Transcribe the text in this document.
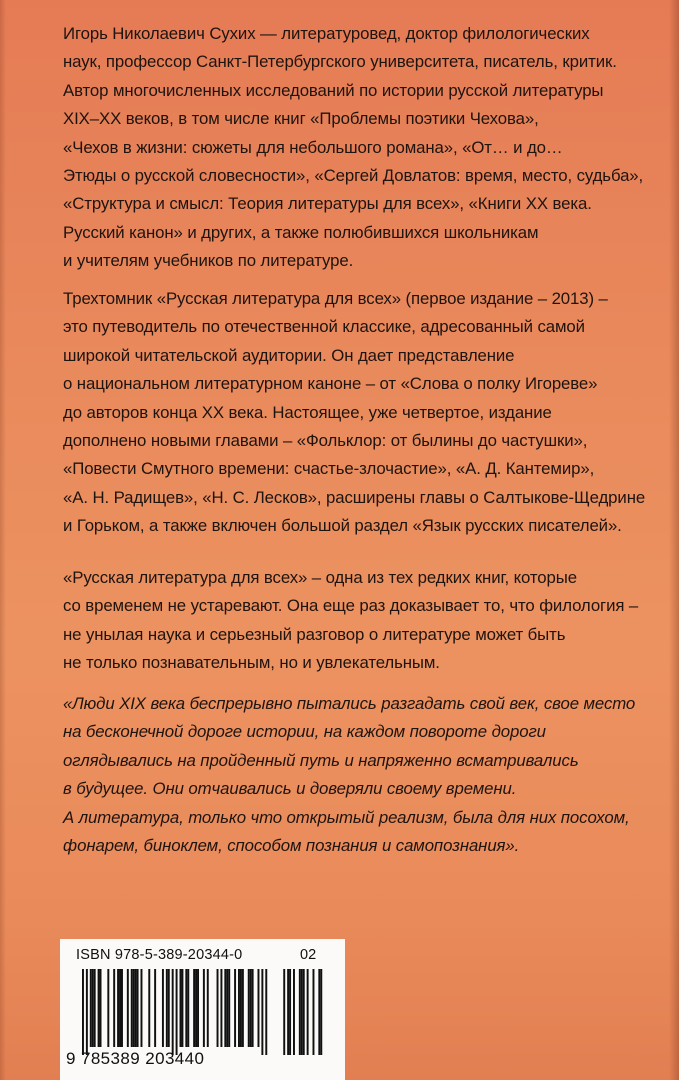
Игорь Николаевич Сухих — литературовед, доктор филологических
наук, профессор Санкт-Петербургского университета, писатель, критик.
Автор многочисленных исследований по истории русской литературы
XIX–XX веков, в том числе книг «Проблемы поэтики Чехова»,
«Чехов в жизни: сюжеты для небольшого романа», «От… и до…
Этюды о русской словесности», «Сергей Довлатов: время, место, судьба»,
«Структура и смысл: Теория литературы для всех», «Книги XX века.
Русский канон» и других, а также полюбившихся школьникам
и учителям учебников по литературе.

Трехтомник «Русская литература для всех» (первое издание – 2013) –
это путеводитель по отечественной классике, адресованный самой
широкой читательской аудитории. Он дает представление
о национальном литературном каноне – от «Слова о полку Игореве»
до авторов конца XX века. Настоящее, уже четвертое, издание
дополнено новыми главами – «Фольклор: от былины до частушки»,
«Повести Смутного времени: счастье-злочастие», «А. Д. Кантемир»,
«А. Н. Радищев», «Н. С. Лесков», расширены главы о Салтыкове-Щедрине
и Горьком, а также включен большой раздел «Язык русских писателей».

«Русская литература для всех» – одна из тех редких книг, которые
со временем не устаревают. Она еще раз доказывает то, что филология –
не унылая наука и серьезный разговор о литературе может быть
не только познавательным, но и увлекательным.

«Люди XIX века беспрерывно пытались разгадать свой век, свое место
на бесконечной дороге истории, на каждом повороте дороги
оглядывались на пройденный путь и напряженно всматривались
в будущее. Они отчаивались и доверяли своему времени.
А литература, только что открытый реализм, была для них посохом,
фонарем, биноклем, способом познания и самопознания».

ISBN 978-5-389-20344-0	02
9 785389 203440
